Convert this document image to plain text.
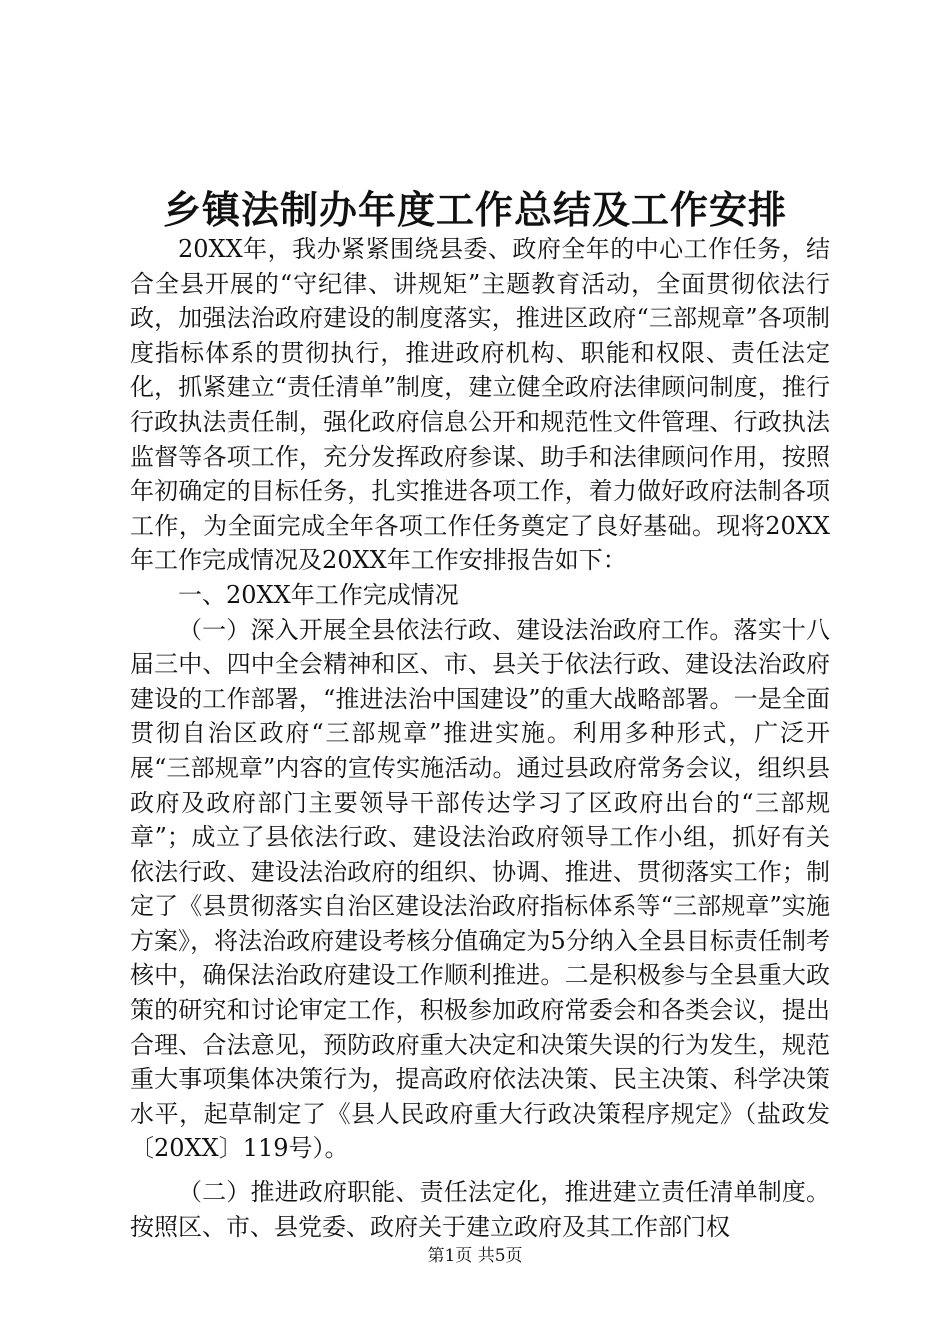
乡镇法制办年度工作总结及工作安排

20XX年，我办紧紧围绕县委、政府全年的中心工作任务，结合全县开展的“守纪律、讲规矩”主题教育活动，全面贯彻依法行政，加强法治政府建设的制度落实，推进区政府“三部规章”各项制度指标体系的贯彻执行，推进政府机构、职能和权限、责任法定化，抓紧建立“责任清单”制度，建立健全政府法律顾问制度，推行行政执法责任制，强化政府信息公开和规范性文件管理、行政执法监督等各项工作，充分发挥政府参谋、助手和法律顾问作用，按照年初确定的目标任务，扎实推进各项工作，着力做好政府法制各项工作，为全面完成全年各项工作任务奠定了良好基础。现将20XX年工作完成情况及20XX年工作安排报告如下：

一、20XX年工作完成情况

（一）深入开展全县依法行政、建设法治政府工作。落实十八届三中、四中全会精神和区、市、县关于依法行政、建设法治政府建设的工作部署，“推进法治中国建设”的重大战略部署。一是全面贯彻自治区政府“三部规章”推进实施。利用多种形式，广泛开展“三部规章”内容的宣传实施活动。通过县政府常务会议，组织县政府及政府部门主要领导干部传达学习了区政府出台的“三部规章”；成立了县依法行政、建设法治政府领导工作小组，抓好有关依法行政、建设法治政府的组织、协调、推进、贯彻落实工作；制定了《县贯彻落实自治区建设法治政府指标体系等“三部规章”实施方案》，将法治政府建设考核分值确定为5分纳入全县目标责任制考核中，确保法治政府建设工作顺利推进。二是积极参与全县重大政策的研究和讨论审定工作，积极参加政府常委会和各类会议，提出合理、合法意见，预防政府重大决定和决策失误的行为发生，规范重大事项集体决策行为，提高政府依法决策、民主决策、科学决策水平，起草制定了《县人民政府重大行政决策程序规定》（盐政发〔20XX〕119号）。

（二）推进政府职能、责任法定化，推进建立责任清单制度。按照区、市、县党委、政府关于建立政府及其工作部门权

第1页 共5页
